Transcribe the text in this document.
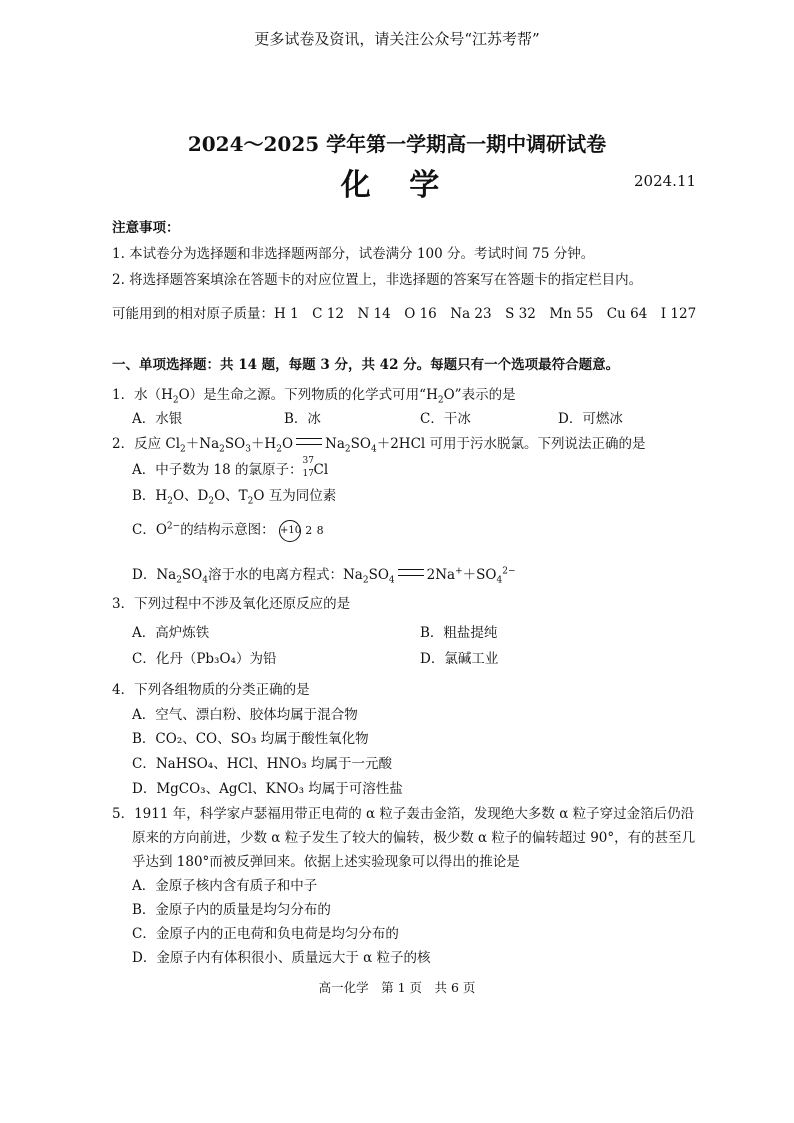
更多试卷及资讯，请关注公众号“江苏考帮”
2024～2025 学年第一学期高一期中调研试卷
化 学	2024.11
注意事项：
1. 本试卷分为选择题和非选择题两部分，试卷满分 100 分。考试时间 75 分钟。
2. 将选择题答案填涂在答题卡的对应位置上，非选择题的答案写在答题卡的指定栏目内。
可能用到的相对原子质量：H 1　C 12　N 14　O 16　Na 23　S 32　Mn 55　Cu 64　I 127
一、单项选择题：共 14 题，每题 3 分，共 42 分。每题只有一个选项最符合题意。
1．水$(H_2O)$是生命之源。下列物质的化学式可用“$H_2O$”表示的是
A．水银	B．冰	C．干冰	D．可燃冰
2．反应 $Cl_2+Na_2SO_3+H_2O$ $Na_2SO_4+2HCl$ 可用于污水脱氯。下列说法正确的是
A．中子数为 18 的氯原子：
37
17 Cl
B．$H_2O$、$D_2O$、$T_2O$ 互为同位素
C．$O^{2-}$的结构示意图： +10 2 8
D．$Na_2SO_4$溶于水的电离方程式：$Na_2SO_4$ $2Na^++SO_4^{2-}$
3．下列过程中不涉及氧化还原反应的是
A．高炉炼铁	B．粗盐提纯
C．化丹（Pb₃O₄）为铅	D．氯碱工业
4．下列各组物质的分类正确的是
A．空气、漂白粉、胶体均属于混合物
B．CO₂、CO、SO₃ 均属于酸性氧化物
C．NaHSO₄、HCl、HNO₃ 均属于一元酸
D．MgCO₃、AgCl、KNO₃ 均属于可溶性盐
5．1911 年，科学家卢瑟福用带正电荷的 α 粒子轰击金箔，发现绝大多数 α 粒子穿过金箔后仍沿
原来的方向前进，少数 α 粒子发生了较大的偏转，极少数 α 粒子的偏转超过 90°，有的甚至几
乎达到 180°而被反弹回来。依据上述实验现象可以得出的推论是
A．金原子核内含有质子和中子
B．金原子内的质量是均匀分布的
C．金原子内的正电荷和负电荷是均匀分布的
D．金原子内有体积很小、质量远大于 α 粒子的核
高一化学　第 1 页　共 6 页
